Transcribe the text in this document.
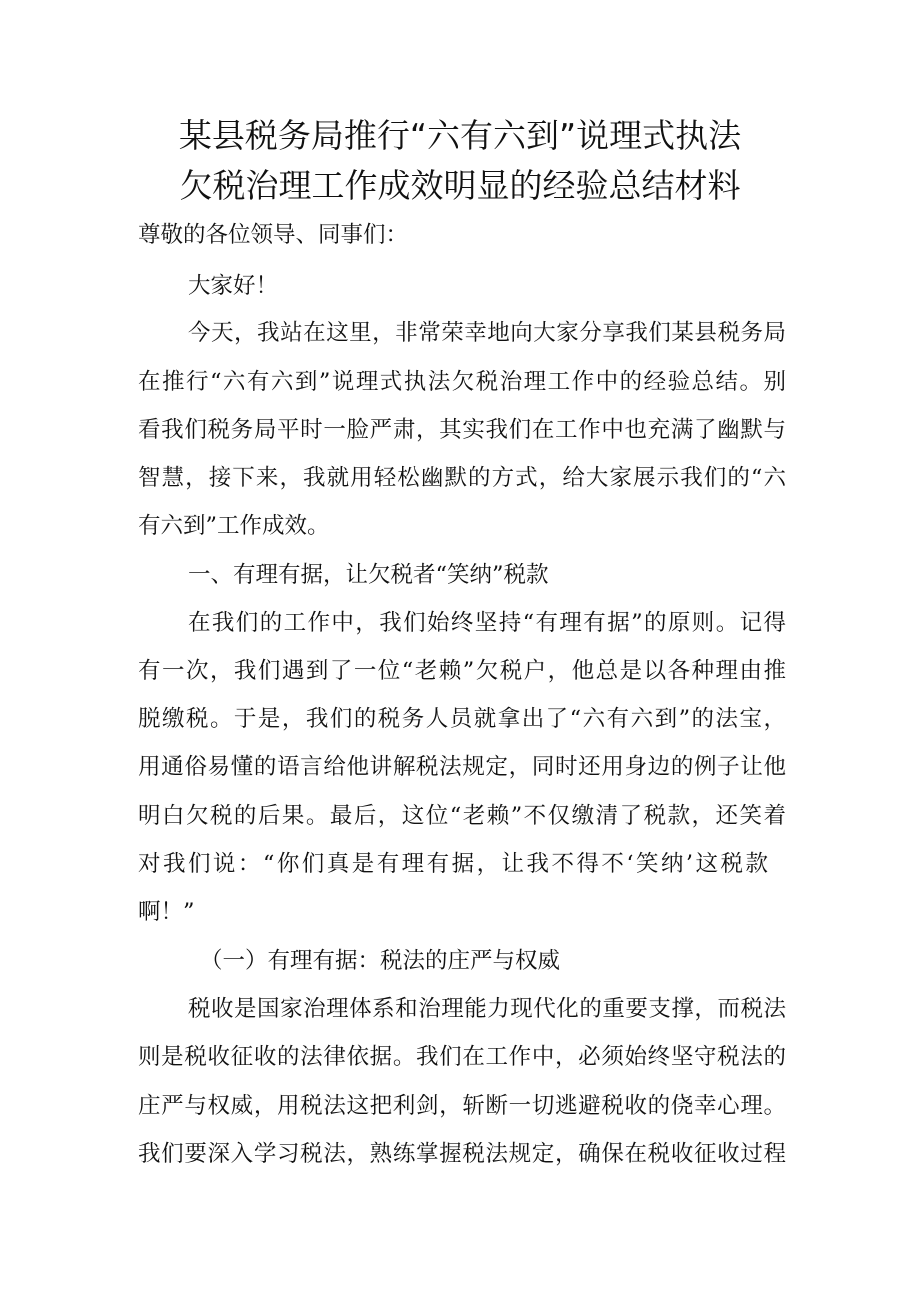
某县税务局推行“六有六到”说理式执法
欠税治理工作成效明显的经验总结材料
尊敬的各位领导、同事们：
大家好！
今天，我站在这里，非常荣幸地向大家分享我们某县税务局
在推行“六有六到”说理式执法欠税治理工作中的经验总结。别
看我们税务局平时一脸严肃，其实我们在工作中也充满了幽默与
智慧，接下来，我就用轻松幽默的方式，给大家展示我们的“六
有六到”工作成效。
一、有理有据，让欠税者“笑纳”税款
在我们的工作中，我们始终坚持“有理有据”的原则。记得
有一次，我们遇到了一位“老赖”欠税户，他总是以各种理由推
脱缴税。于是，我们的税务人员就拿出了“六有六到”的法宝，
用通俗易懂的语言给他讲解税法规定，同时还用身边的例子让他
明白欠税的后果。最后，这位“老赖”不仅缴清了税款，还笑着
对我们说：“你们真是有理有据，让我不得不‘笑纳’这税款
啊！”
（一）有理有据：税法的庄严与权威
税收是国家治理体系和治理能力现代化的重要支撑，而税法
则是税收征收的法律依据。我们在工作中，必须始终坚守税法的
庄严与权威，用税法这把利剑，斩断一切逃避税收的侥幸心理。
我们要深入学习税法，熟练掌握税法规定，确保在税收征收过程
